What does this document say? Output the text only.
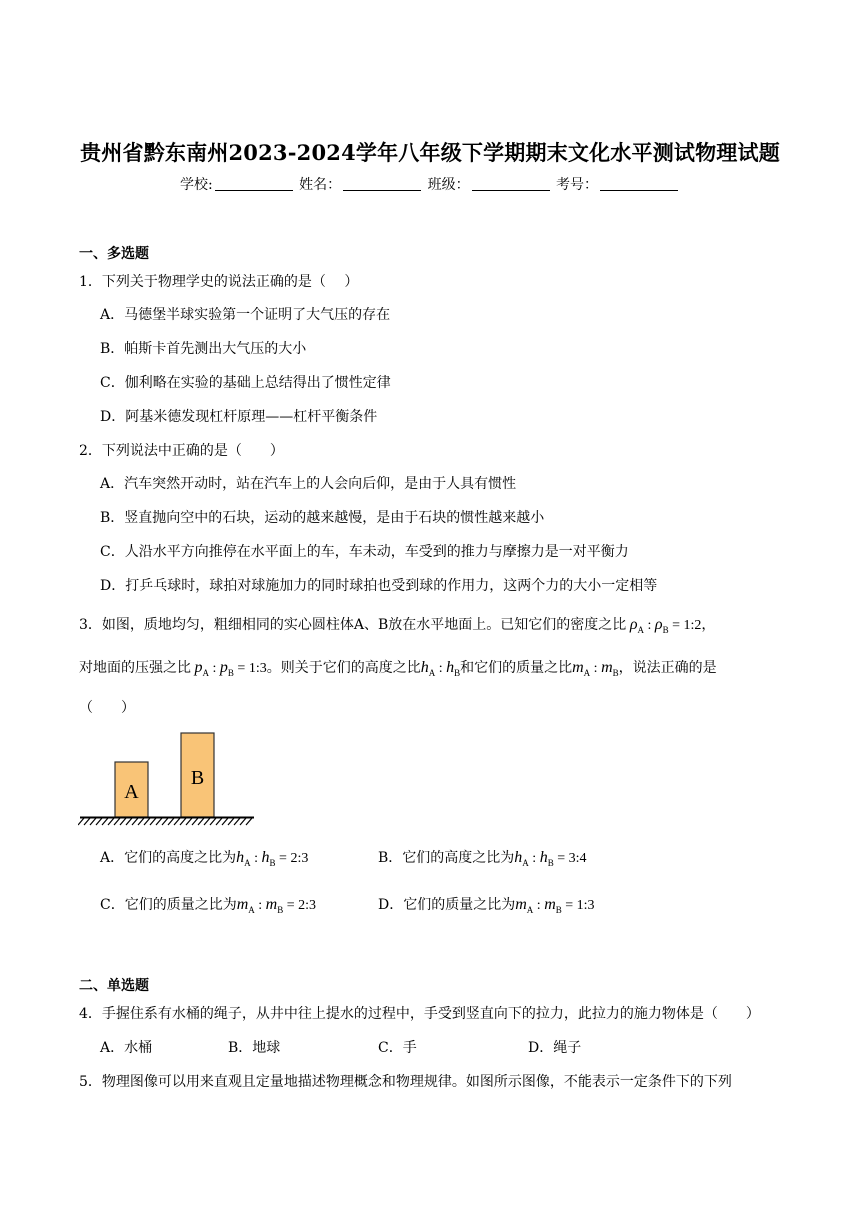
贵州省黔东南州2023-2024学年八年级下学期期末文化水平测试物理试题
学校:	姓名：	班级：	考号：
一、多选题
1．下列关于物理学史的说法正确的是（　 ）
A．马德堡半球实验第一个证明了大气压的存在
B．帕斯卡首先测出大气压的大小
C．伽利略在实验的基础上总结得出了惯性定律
D．阿基米德发现杠杆原理——杠杆平衡条件
2．下列说法中正确的是（　　）
A．汽车突然开动时，站在汽车上的人会向后仰，是由于人具有惯性
B．竖直抛向空中的石块，运动的越来越慢，是由于石块的惯性越来越小
C．人沿水平方向推停在水平面上的车，车未动，车受到的推力与摩擦力是一对平衡力
D．打乒乓球时，球拍对球施加力的同时球拍也受到球的作用力，这两个力的大小一定相等
3．如图，质地均匀，粗细相同的实心圆柱体A、B放在水平地面上。已知它们的密度之比 $\rho_A$ : $\rho_B$ = 1:2，
对地面的压强之比 $p_A$ : $p_B$ = 1:3。则关于它们的高度之比$h_A$ : $h_B$和它们的质量之比$m_A$ : $m_B$，说法正确的是
（　　）
A
B
A．它们的高度之比为$h_A$ : $h_B$ = 2:3	B．它们的高度之比为$h_A$ : $h_B$ = 3:4
C．它们的质量之比为$m_A$ : $m_B$ = 2:3	D．它们的质量之比为$m_A$ : $m_B$ = 1:3
二、单选题
4．手握住系有水桶的绳子，从井中往上提水的过程中，手受到竖直向下的拉力，此拉力的施力物体是（　　）
A．水桶	B．地球	C．手	D．绳子
5．物理图像可以用来直观且定量地描述物理概念和物理规律。如图所示图像，不能表示一定条件下的下列
